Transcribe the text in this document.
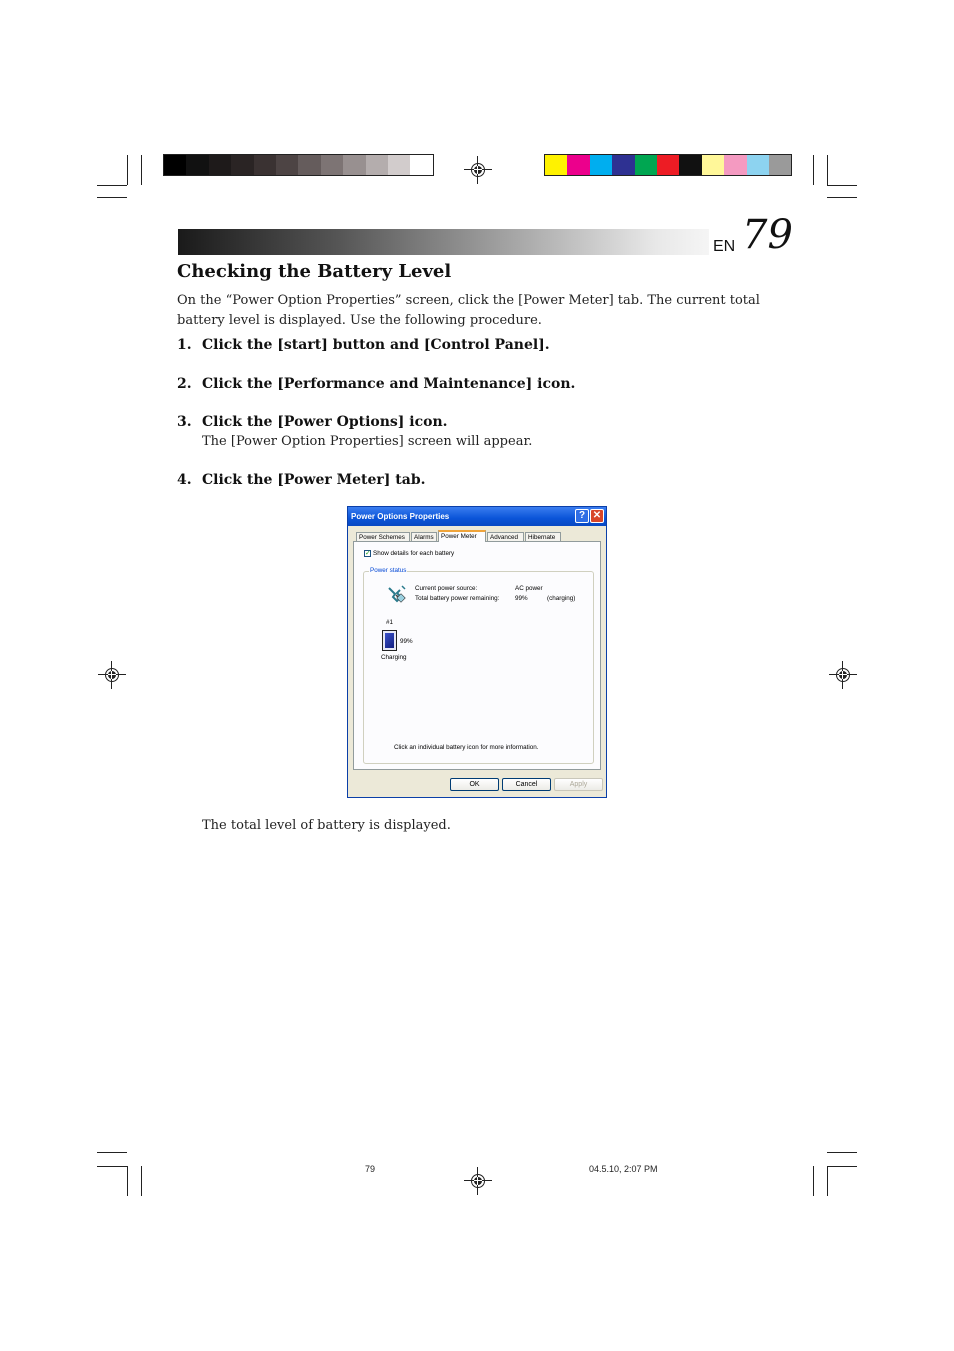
EN 79
Checking the Battery Level
On the “Power Option Properties” screen, click the [Power Meter] tab. The current total battery level is displayed. Use the following procedure.
1. Click the [start] button and [Control Panel].
2. Click the [Performance and Maintenance] icon.
3. Click the [Power Options] icon.
The [Power Option Properties] screen will appear.
4. Click the [Power Meter] tab.
Power Options Properties	? ✕
Power Schemes	Alarms	Power Meter	Advanced	Hibernate
✓ Show details for each battery
Power status
Current power source:	AC power
Total battery power remaining: 99%	(charging)
#1
99%
Charging
Click an individual battery icon for more information.
OK	Cancel	Apply
The total level of battery is displayed.
79	04.5.10, 2:07 PM
